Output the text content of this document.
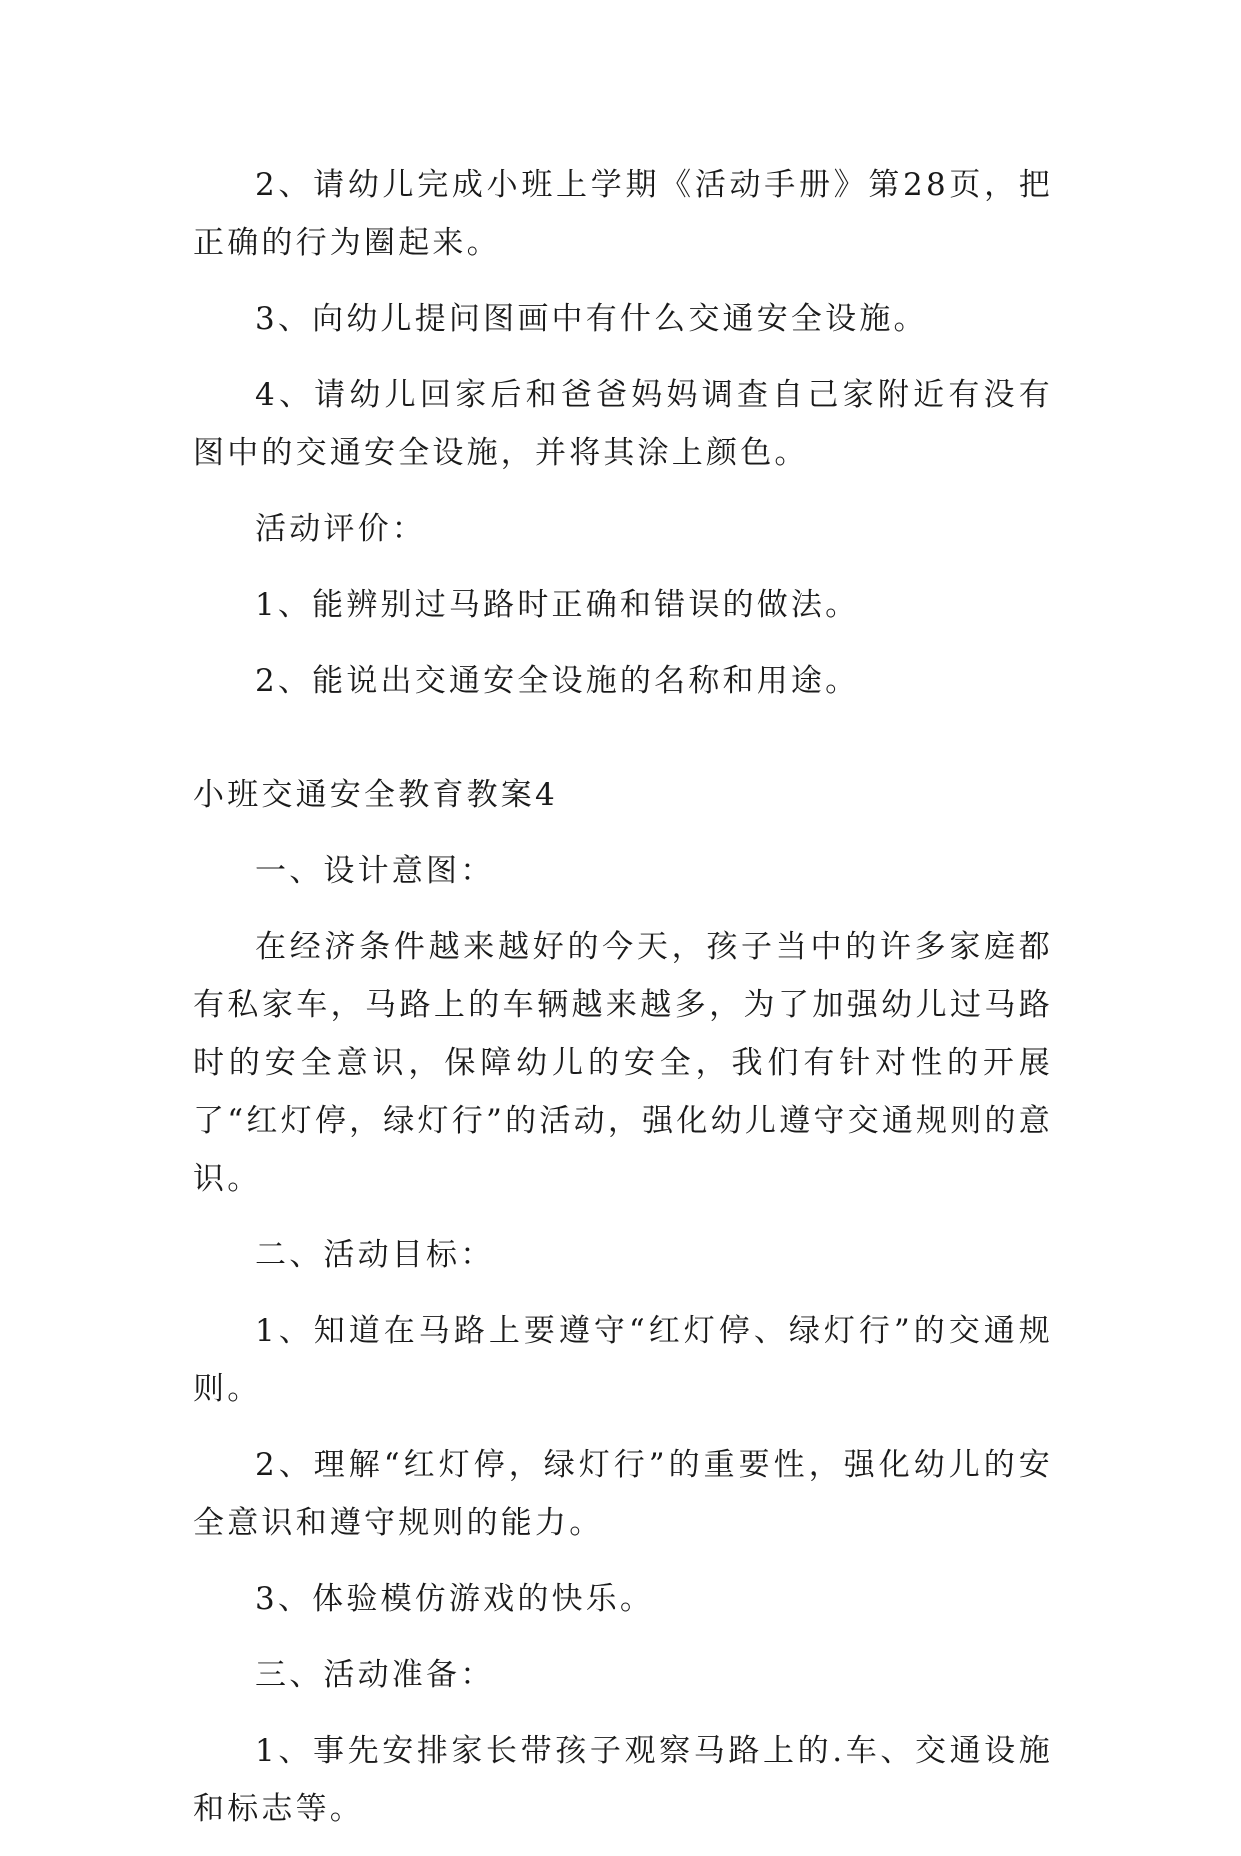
2、请幼儿完成小班上学期《活动手册》第28页，把正确的行为圈起来。

3、向幼儿提问图画中有什么交通安全设施。

4、请幼儿回家后和爸爸妈妈调查自己家附近有没有图中的交通安全设施，并将其涂上颜色。

活动评价：

1、能辨别过马路时正确和错误的做法。

2、能说出交通安全设施的名称和用途。

小班交通安全教育教案4

一、设计意图：

在经济条件越来越好的今天，孩子当中的许多家庭都有私家车，马路上的车辆越来越多，为了加强幼儿过马路时的安全意识，保障幼儿的安全，我们有针对性的开展了“红灯停，绿灯行”的活动，强化幼儿遵守交通规则的意识。

二、活动目标：

1、知道在马路上要遵守“红灯停、绿灯行”的交通规则。

2、理解“红灯停，绿灯行”的重要性，强化幼儿的安全意识和遵守规则的能力。

3、体验模仿游戏的快乐。

三、活动准备：

1、事先安排家长带孩子观察马路上的.车、交通设施和标志等。
